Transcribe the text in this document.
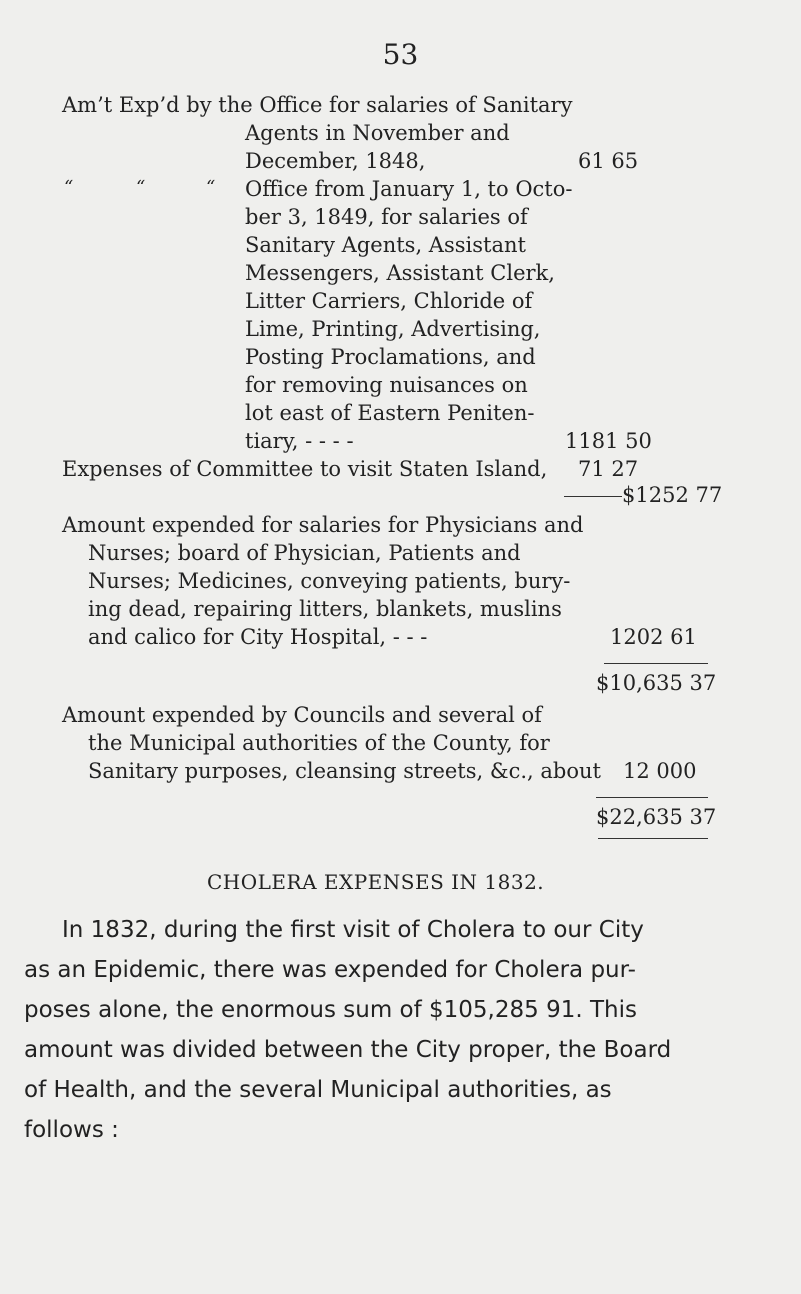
53
Am’t Exp’d by the Office for salaries of Sanitary
Agents in November and
December, 1848,	61 65
“	“	“ Office from January 1, to Octo-
ber 3, 1849, for salaries of
Sanitary Agents, Assistant
Messengers, Assistant Clerk,
Litter Carriers, Chloride of
Lime, Printing, Advertising,
Posting Proclamations, and
for removing nuisances on
lot east of Eastern Peniten-
tiary, - - - -	1181 50
Expenses of Committee to visit Staten Island, 71 27
$1252 77
Amount expended for salaries for Physicians and
Nurses; board of Physician, Patients and
Nurses; Medicines, conveying patients, bury-
ing dead, repairing litters, blankets, muslins
and calico for City Hospital, - - -	1202 61
$10,635 37
Amount expended by Councils and several of
the Municipal authorities of the County, for
Sanitary purposes, cleansing streets, &c., about 12 000
$22,635 37
CHOLERA EXPENSES IN 1832.
In 1832, during the first visit of Cholera to our City
as an Epidemic, there was expended for Cholera pur-
poses alone, the enormous sum of $105,285 91. This
amount was divided between the City proper, the Board
of Health, and the several Municipal authorities, as
follows :
